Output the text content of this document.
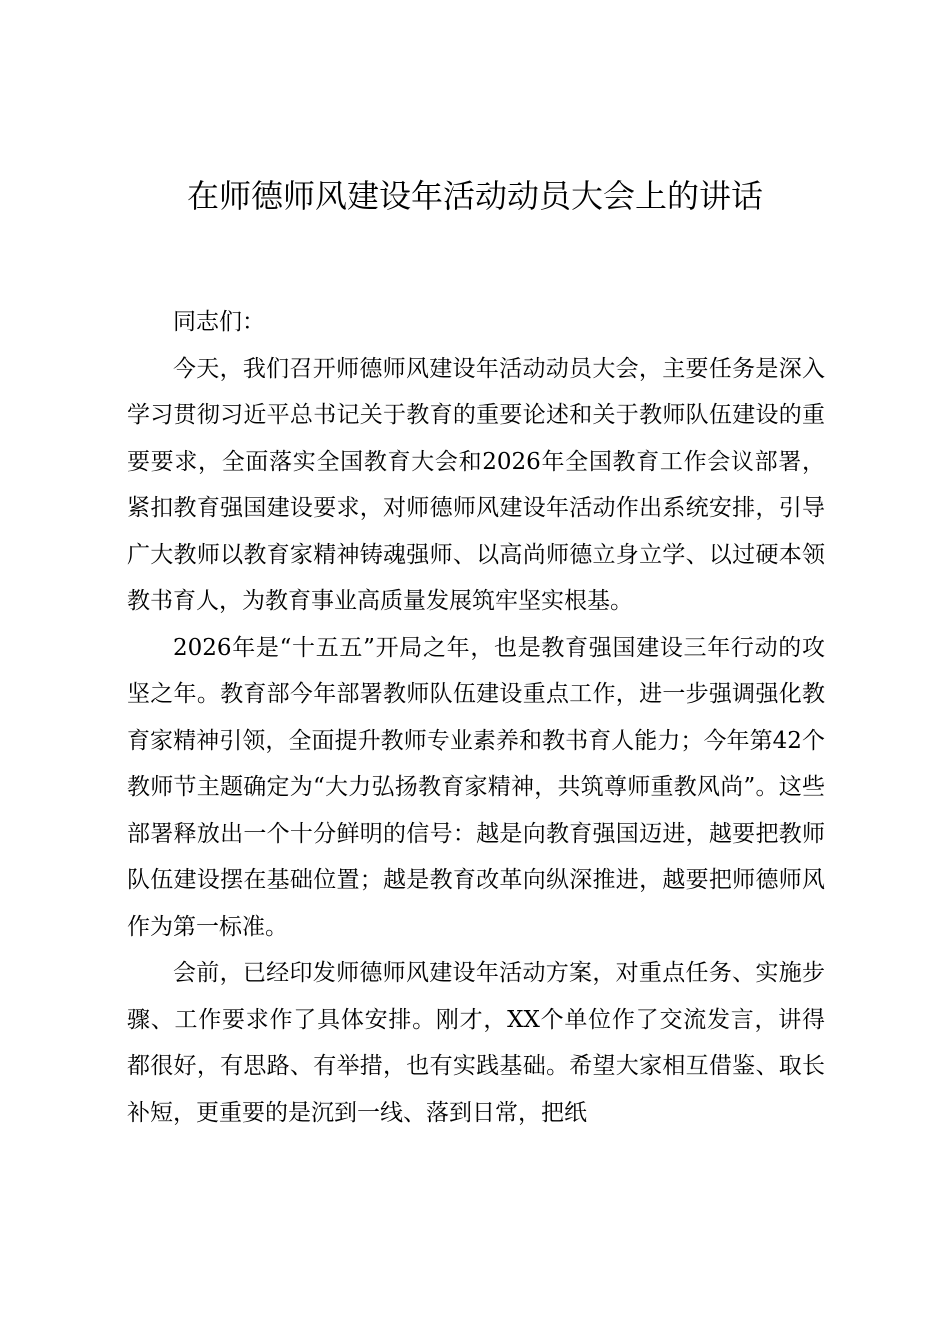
在师德师风建设年活动动员大会上的讲话

同志们：

今天，我们召开师德师风建设年活动动员大会，主要任务是深入学习贯彻习近平总书记关于教育的重要论述和关于教师队伍建设的重要要求，全面落实全国教育大会和2026年全国教育工作会议部署，紧扣教育强国建设要求，对师德师风建设年活动作出系统安排，引导广大教师以教育家精神铸魂强师、以高尚师德立身立学、以过硬本领教书育人，为教育事业高质量发展筑牢坚实根基。

2026年是“十五五”开局之年，也是教育强国建设三年行动的攻坚之年。教育部今年部署教师队伍建设重点工作，进一步强调强化教育家精神引领，全面提升教师专业素养和教书育人能力；今年第42个教师节主题确定为“大力弘扬教育家精神，共筑尊师重教风尚”。这些部署释放出一个十分鲜明的信号：越是向教育强国迈进，越要把教师队伍建设摆在基础位置；越是教育改革向纵深推进，越要把师德师风作为第一标准。

会前，已经印发师德师风建设年活动方案，对重点任务、实施步骤、工作要求作了具体安排。刚才，XX个单位作了交流发言，讲得都很好，有思路、有举措，也有实践基础。希望大家相互借鉴、取长补短，更重要的是沉到一线、落到日常，把纸
